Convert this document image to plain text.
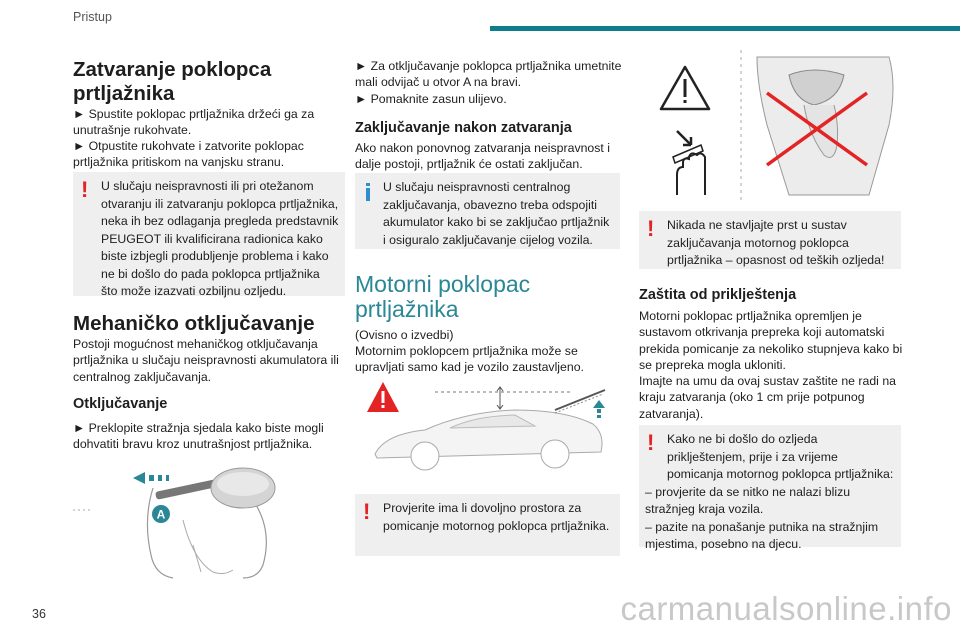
Pristup
36	carmanualsonline.info
Zatvaranje poklopca prtljažnika
► Spustite poklopac prtljažnika držeći ga za unutrašnje rukohvate.
► Otpustite rukohvate i zatvorite poklopac prtljažnika pritiskom na vanjsku stranu.
! U slučaju neispravnosti ili pri otežanom otvaranju ili zatvaranju poklopca prtljažnika, neka ih bez odlaganja pregleda predstavnik PEUGEOT ili kvalificirana radionica kako biste izbjegli produbljenje problema i kako ne bi došlo do pada poklopca prtljažnika što može izazvati ozbiljnu ozljedu.
Mehaničko otključavanje
Postoji mogućnost mehaničkog otključavanja prtljažnika u slučaju neispravnosti akumulatora ili centralnog zaključavanja.
Otključavanje
► Preklopite stražnja sjedala kako biste mogli dohvatiti bravu kroz unutrašnjost prtljažnika.
A
► Za otključavanje poklopca prtljažnika umetnite mali odvijač u otvor A na bravi.
► Pomaknite zasun ulijevo.
Zaključavanje nakon zatvaranja
Ako nakon ponovnog zatvaranja neispravnost i dalje postoji, prtljažnik će ostati zaključan.
U slučaju neispravnosti centralnog zaključavanja, obavezno treba odspojiti akumulator kako bi se zaključao prtljažnik i osiguralo zaključavanje cijelog vozila.
Motorni poklopac prtljažnika
(Ovisno o izvedbi)
Motornim poklopcem prtljažnika može se upravljati samo kad je vozilo zaustavljeno.
! Provjerite ima li dovoljno prostora za pomicanje motornog poklopca prtljažnika.
! Nikada ne stavljajte prst u sustav zaključavanja motornog poklopca prtljažnika – opasnost od teških ozljeda!
Zaštita od priklještenja
Motorni poklopac prtljažnika opremljen je sustavom otkrivanja prepreka koji automatski prekida pomicanje za nekoliko stupnjeva kako bi se prepreka mogla ukloniti.
Imajte na umu da ovaj sustav zaštite ne radi na kraju zatvaranja (oko 1 cm prije potpunog zatvaranja).
! Kako ne bi došlo do ozljeda priklještenjem, prije i za vrijeme pomicanja motornog poklopca prtljažnika:
– provjerite da se nitko ne nalazi blizu stražnjeg kraja vozila.
– pazite na ponašanje putnika na stražnjim mjestima, posebno na djecu.
